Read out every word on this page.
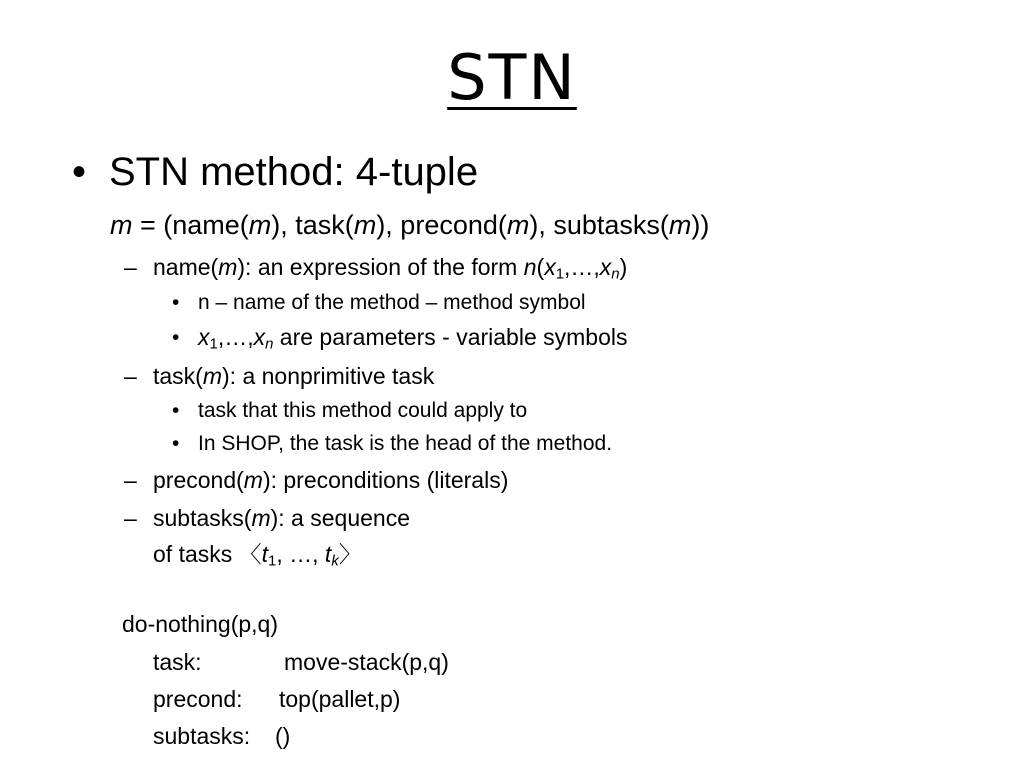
STN
• STN method: 4-tuple
m = (name(m), task(m), precond(m), subtasks(m))
– name(m): an expression of the form $n(x_1,\dots,x_n)$
• n – name of the method – method symbol
• $x_1,\dots,x_n$ are parameters - variable symbols
– task(m): a nonprimitive task
• task that this method could apply to
• In SHOP, the task is the head of the method.
– precond(m): preconditions (literals)
– subtasks(m): a sequence
of tasks 〈$t_1$, …, $t_k$〉
do-nothing(p,q)
task:	move-stack(p,q)
precond: top(pallet,p)
subtasks: ()
